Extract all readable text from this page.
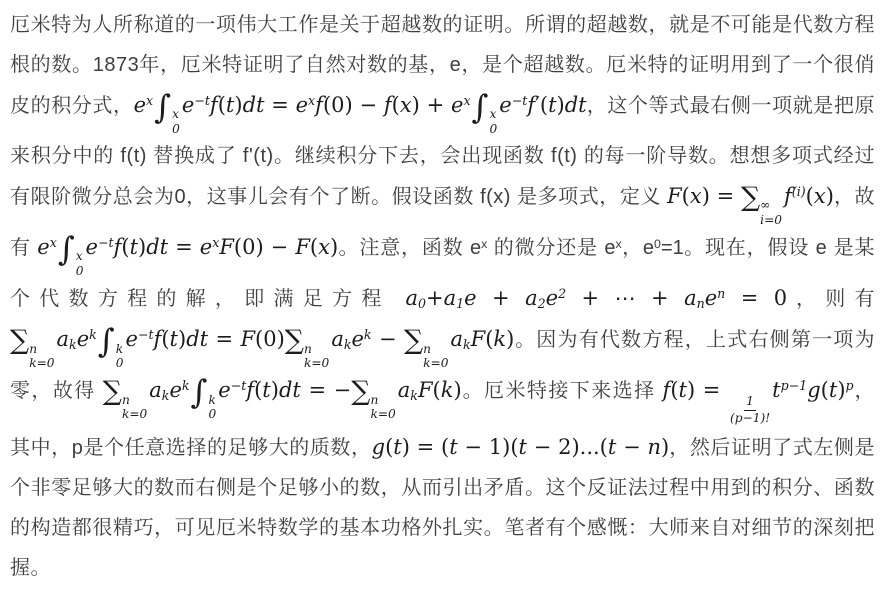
厄米特为人所称道的一项伟大工作是关于超越数的证明。所谓的超越数，就是不可能是代数方程根的数。1873年，厄米特证明了自然对数的基，e，是个超越数。厄米特的证明用到了一个很俏皮的积分式，$e^x\int$ x
0
$e^{-t}f(t)dt = e^xf(0) - f(x) + e^x\int$ x
0
$e^{-t}f'(t)dt$，这个等式最右侧一项就是把原来积分中的 f(t) 替换成了 f'(t)。继续积分下去，会出现函数 f(t) 的每一阶导数。想想多项式经过有限阶微分总会为0，这事儿会有个了断。假设函数 f(x) 是多项式，定义 F(x) = ∑ ∞
i=0
$f^{(i)}(x)$，故有 $e^x\int$ x
0
$e^{-t}f(t)dt = e^xF(0) - F(x)$。注意，函数 $e^x$ 的微分还是 $e^x$，$e^0=1$。现在，假设 e 是某个代数方程的解，即满足方程 $a_0+a_1e + a_2e^2$ + ⋯ + $a_ne^n = 0$，则有 ∑ n
k=0
$a_ke^k\int$ k
0
$e^{-t}f(t)dt = F(0)\sum$ n
k=0
$a_ke^k$ − ∑ n
k=0
$a_kF(k)$。因为有代数方程，上式右侧第一项为零，故得 ∑ n
k=0
$a_ke^k\int$ k
0
$e^{-t}f(t)dt$ = −∑ n
k=0
$a_kF(k)$。厄米特接下来选择 f(t) =
$\frac{1}{(p-1)!}$
$t^{p-1}g(t)^p$，其中，p是个任意选择的足够大的质数，g(t) = (t − 1)(t − 2)...(t − n)，然后证明了式左侧是个非零足够大的数而右侧是个足够小的数，从而引出矛盾。这个反证法过程中用到的积分、函数的构造都很精巧，可见厄米特数学的基本功格外扎实。笔者有个感慨：大师来自对细节的深刻把握。
